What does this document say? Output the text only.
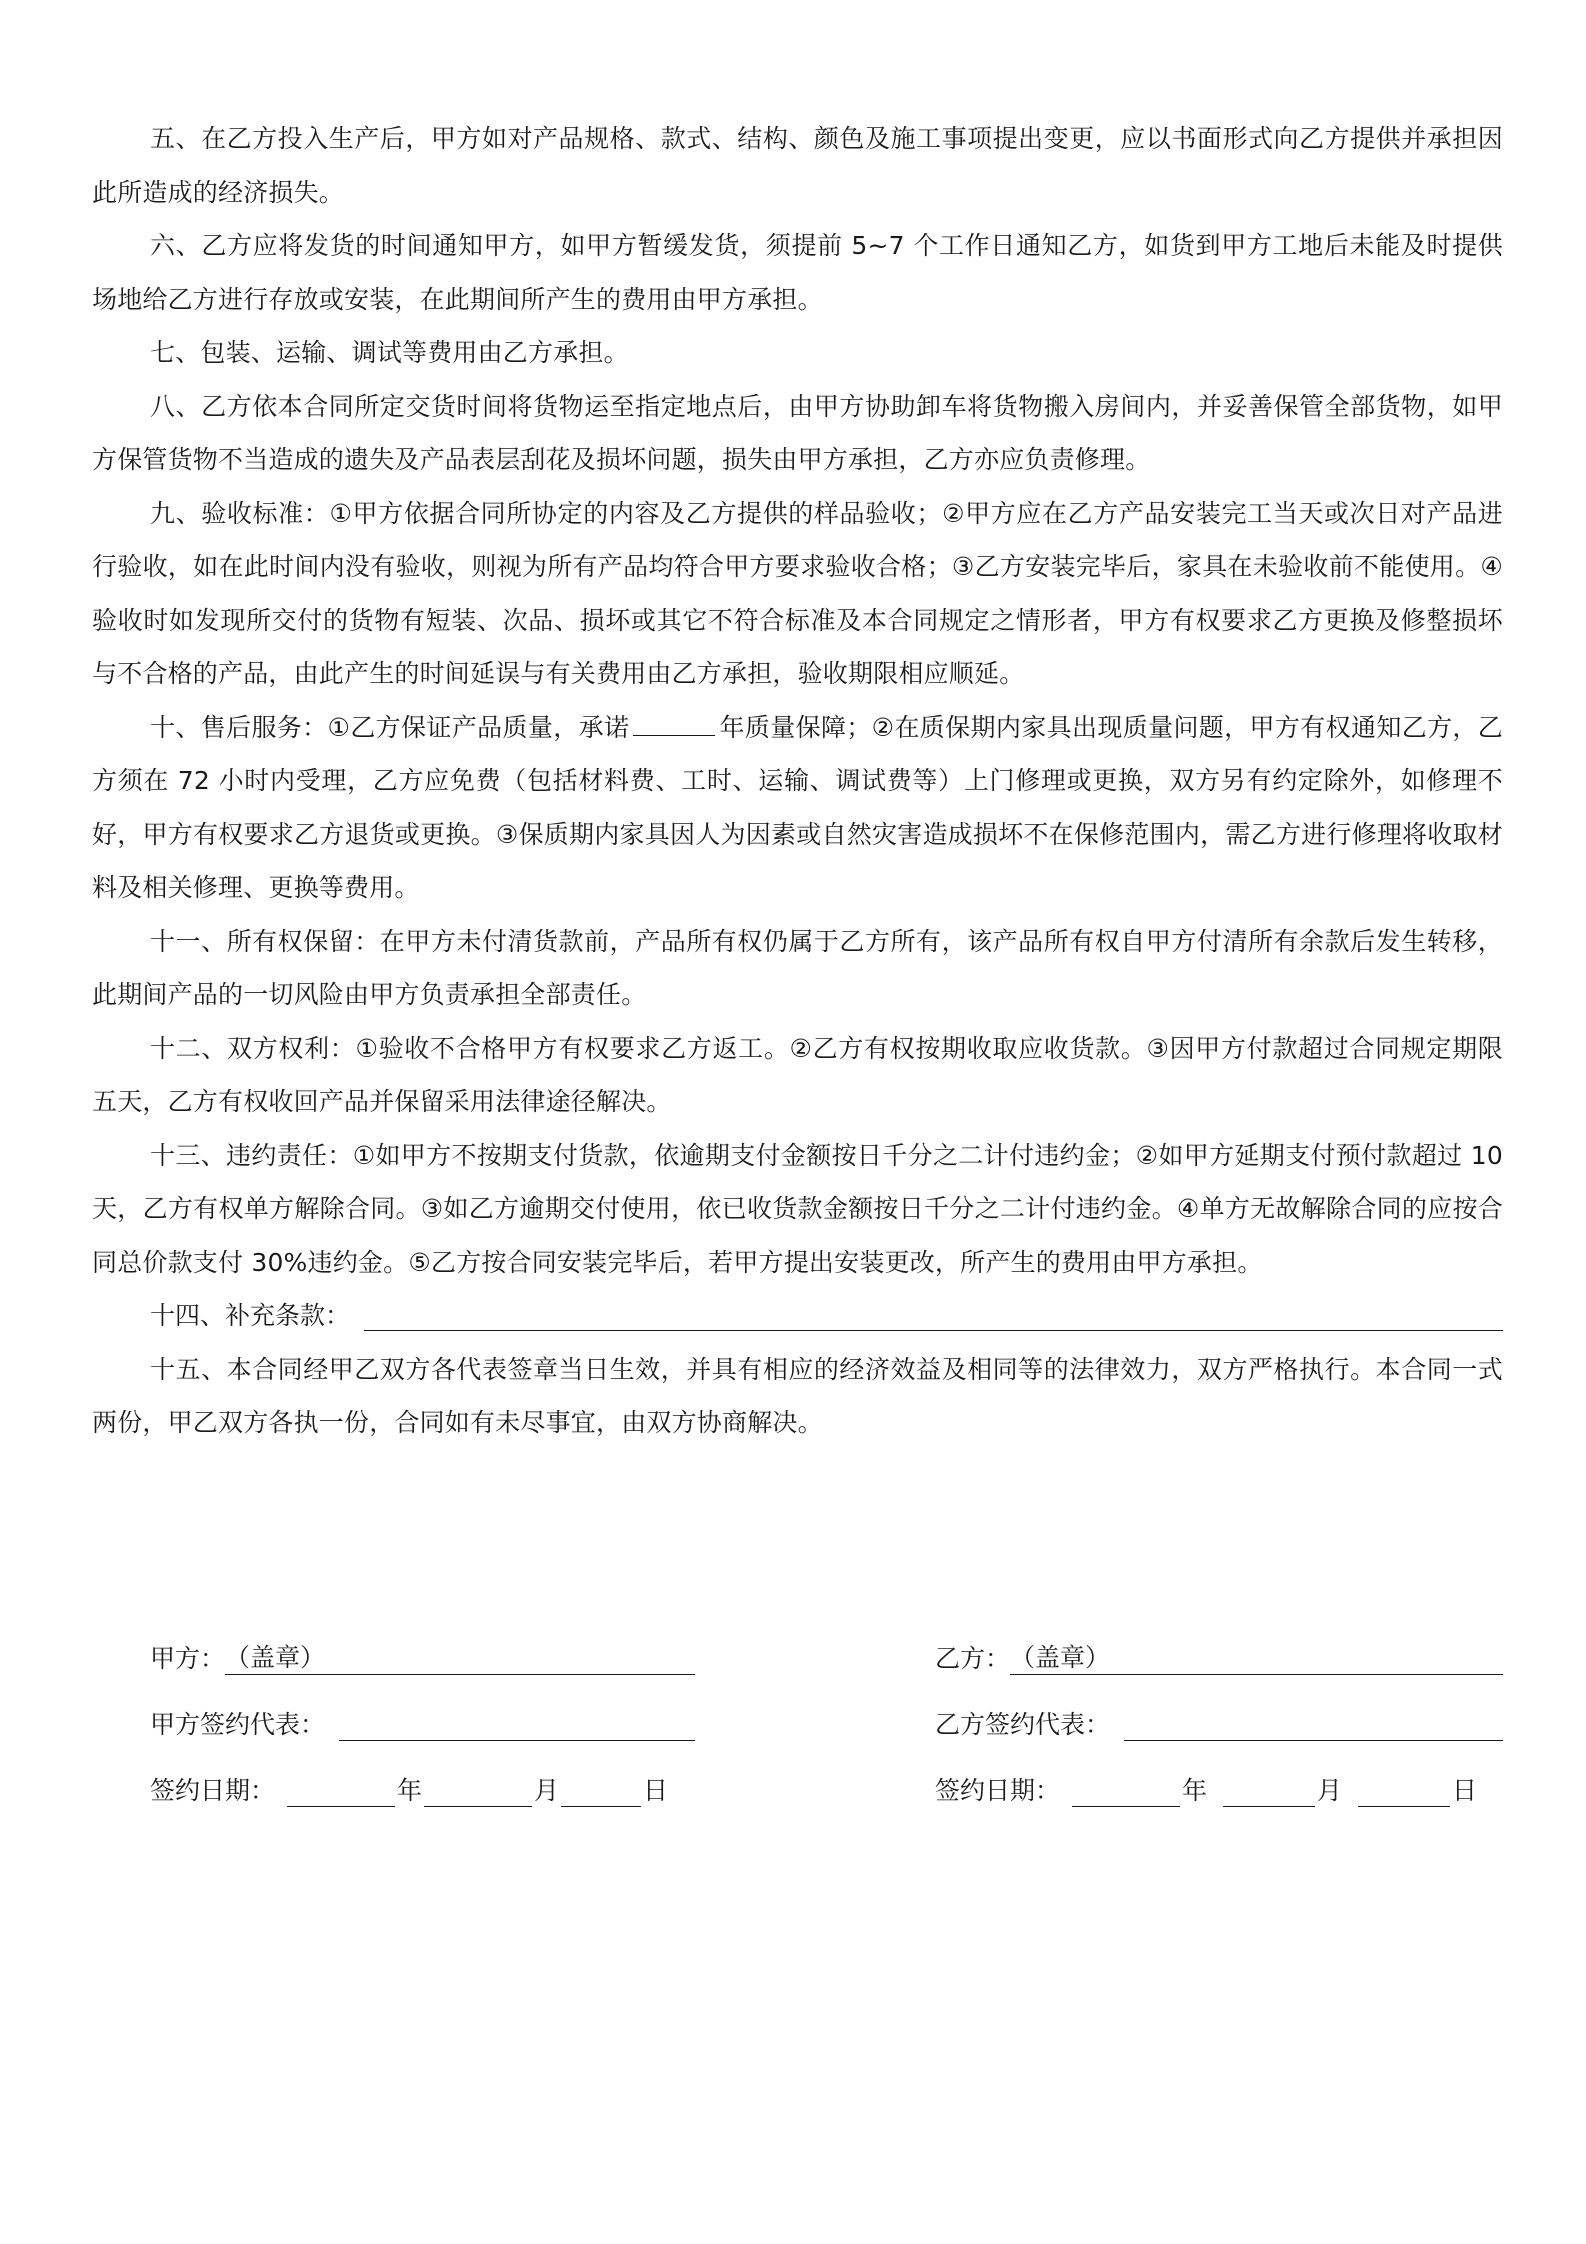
五、在乙方投入生产后，甲方如对产品规格、款式、结构、颜色及施工事项提出变更，应以书面形式向乙方提供并承担因此所造成的经济损失。

六、乙方应将发货的时间通知甲方，如甲方暂缓发货，须提前 5~7 个工作日通知乙方，如货到甲方工地后未能及时提供场地给乙方进行存放或安装，在此期间所产生的费用由甲方承担。

七、包装、运输、调试等费用由乙方承担。

八、乙方依本合同所定交货时间将货物运至指定地点后，由甲方协助卸车将货物搬入房间内，并妥善保管全部货物，如甲方保管货物不当造成的遗失及产品表层刮花及损坏问题，损失由甲方承担，乙方亦应负责修理。

九、验收标准：①甲方依据合同所协定的内容及乙方提供的样品验收；②甲方应在乙方产品安装完工当天或次日对产品进行验收，如在此时间内没有验收，则视为所有产品均符合甲方要求验收合格；③乙方安装完毕后，家具在未验收前不能使用。④验收时如发现所交付的货物有短装、次品、损坏或其它不符合标准及本合同规定之情形者，甲方有权要求乙方更换及修整损坏与不合格的产品，由此产生的时间延误与有关费用由乙方承担，验收期限相应顺延。

十、售后服务：①乙方保证产品质量，承诺	年质量保障；②在质保期内家具出现质量问题，甲方有权通知乙方，乙方须在 72 小时内受理，乙方应免费（包括材料费、工时、运输、调试费等）上门修理或更换，双方另有约定除外，如修理不好，甲方有权要求乙方退货或更换。③保质期内家具因人为因素或自然灾害造成损坏不在保修范围内，需乙方进行修理将收取材料及相关修理、更换等费用。

十一、所有权保留：在甲方未付清货款前，产品所有权仍属于乙方所有，该产品所有权自甲方付清所有余款后发生转移，此期间产品的一切风险由甲方负责承担全部责任。

十二、双方权利：①验收不合格甲方有权要求乙方返工。②乙方有权按期收取应收货款。③因甲方付款超过合同规定期限五天，乙方有权收回产品并保留采用法律途径解决。

十三、违约责任：①如甲方不按期支付货款，依逾期支付金额按日千分之二计付违约金；②如甲方延期支付预付款超过 10 天，乙方有权单方解除合同。③如乙方逾期交付使用，依已收货款金额按日千分之二计付违约金。④单方无故解除合同的应按合同总价款支付 30%违约金。⑤乙方按合同安装完毕后，若甲方提出安装更改，所产生的费用由甲方承担。

十四、补充条款：

十五、本合同经甲乙双方各代表签章当日生效，并具有相应的经济效益及相同等的法律效力，双方严格执行。本合同一式两份，甲乙双方各执一份，合同如有未尽事宜，由双方协商解决。

甲方： （盖章）
甲方签约代表：
签约日期：	年	月	日
乙方： （盖章）
乙方签约代表：
签约日期：	年	月	日
